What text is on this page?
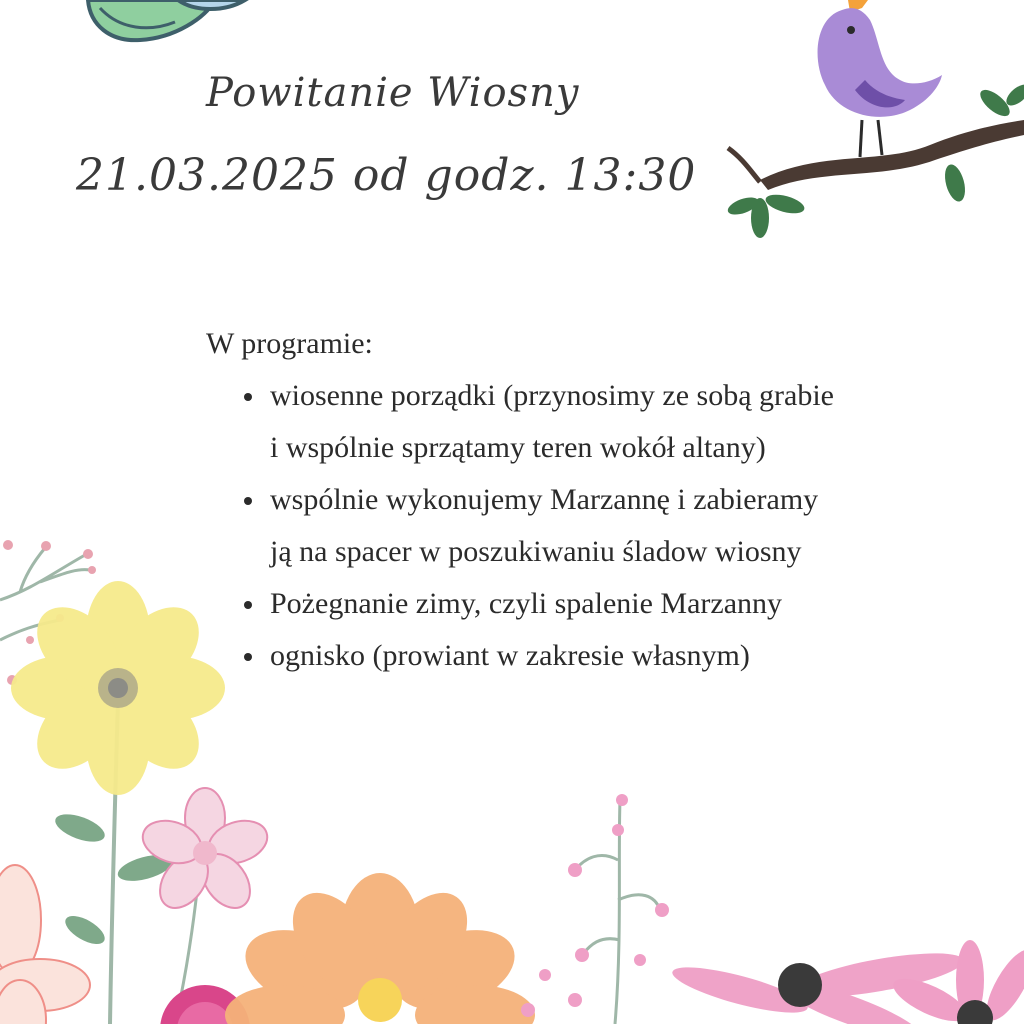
Powitanie Wiosny
21.03.2025 od godz. 13:30

W programie:

wiosenne porządki (przynosimy ze sobą grabie
i wspólnie sprzątamy teren wokół altany)
wspólnie wykonujemy Marzannę i zabieramy
ją na spacer w poszukiwaniu śladow wiosny
Pożegnanie zimy, czyli spalenie Marzanny
ognisko (prowiant w zakresie własnym)
